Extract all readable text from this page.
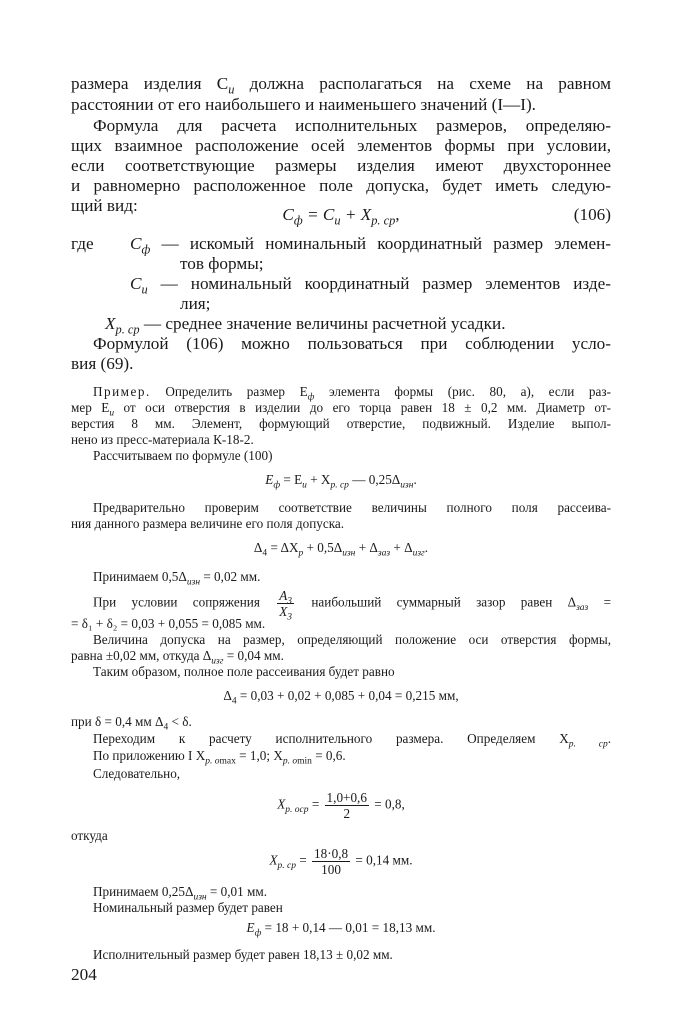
размера изделия $C_и$ должна располагаться на схеме на равном
расстоянии от его наибольшего и наименьшего значений (I—I).
Формула для расчета исполнительных размеров, определяю-
щих взаимное расположение осей элементов формы при условии,
если соответствующие размеры изделия имеют двухстороннее
и равномерно расположенное поле допуска, будет иметь следую-
щий вид:	$C_ф = C_и + X_{р. ср}$,	(106)
где $C_ф$ — искомый номинальный координатный размер элемен-
тов формы;
$C_и$ — номинальный координатный размер элементов изде-
лия;
$X_{р. ср}$ — среднее значение величины расчетной усадки.
Формулой (106) можно пользоваться при соблюдении усло-
вия (69).
Пример. Определить размер $E_ф$ элемента формы (рис. 80, а), если раз-
мер $E_и$ от оси отверстия в изделии до его торца равен 18 ± 0,2 мм. Диаметр от-
верстия 8 мм. Элемент, формующий отверстие, подвижный. Изделие выпол-
нено из пресс-материала К-18-2.
Рассчитываем по формуле (100)
$E_ф = E_и + X_{р. ср}$ — $0,25\Delta_{изн}$.
Предварительно проверим соответствие величины полного поля рассеива-
ния данного размера величине его поля допуска.
$\Delta_4 = \Delta X_р + 0,5\Delta_{изн} + \Delta_{заз} + \Delta_{изг}$.
Принимаем $0,5\Delta_{изн} = 0,02$ мм.
При условии сопряжения $\frac{A_3}{X_3}$ наибольший суммарный зазор равен $\Delta_{заз}$ =
= δ₁ + δ₂ = 0,03 + 0,055 = 0,085 мм.
Величина допуска на размер, определяющий положение оси отверстия формы,
равна ±0,02 мм, откуда $\Delta_{изг} = 0,04$ мм.
Таким образом, полное поле рассеивания будет равно
$\Delta_4 = 0,03 + 0,02 + 0,085 + 0,04 = 0,215$ мм,
при δ = 0,4 мм $\Delta_4 < \delta$.
Переходим к расчету исполнительного размера. Определяем $X_{р. ср}$.
По приложению I $X_{р. оmax} = 1,0$; $X_{р. оmin} = 0,6$.
Следовательно,
$X_{р. оср} = \frac{1,0+0,6}{2} = 0,8$,
откуда
$X_{р. ср} = \frac{18\cdot 0,8}{100} = 0,14$ мм.
Принимаем $0,25\Delta_{изн} = 0,01$ мм.
Номинальный размер будет равен
$E_ф = 18 + 0,14$ — 0,01 = 18,13 мм.
Исполнительный размер будет равен 18,13 ± 0,02 мм.
204
